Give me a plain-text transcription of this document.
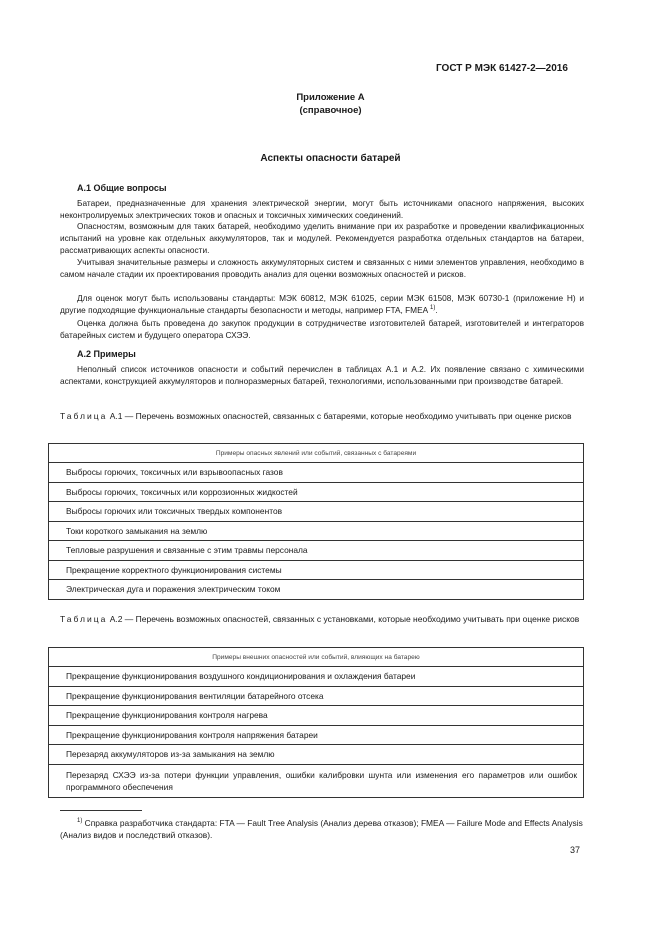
ГОСТ Р МЭК 61427-2—2016
Приложение А
(справочное)
Аспекты опасности батарей
А.1 Общие вопросы

Батареи, предназначенные для хранения электрической энергии, могут быть источниками опасного напряжения, высоких неконтролируемых электрических токов и опасных и токсичных химических соединений.

Опасностям, возможным для таких батарей, необходимо уделить внимание при их разработке и проведении квалификационных испытаний на уровне как отдельных аккумуляторов, так и модулей. Рекомендуется разработка отдельных стандартов на батареи, рассматривающих аспекты опасности.

Учитывая значительные размеры и сложность аккумуляторных систем и связанных с ними элементов управления, необходимо в самом начале стадии их проектирования проводить анализ для оценки возможных опасностей и рисков.

Для оценок могут быть использованы стандарты: МЭК 60812, МЭК 61025, серии МЭК 61508, МЭК 60730-1 (приложение Н) и другие подходящие функциональные стандарты безопасности и методы, например FTA, FMEA $^{1)}$.

Оценка должна быть проведена до закупок продукции в сотрудничестве изготовителей батарей, изготовителей и интеграторов батарейных систем и будущего оператора СХЭЭ.

А.2 Примеры

Неполный список источников опасности и событий перечислен в таблицах А.1 и А.2. Их появление связано с химическими аспектами, конструкцией аккумуляторов и полноразмерных батарей, технологиями, использованными при производстве батарей.

Таблица А.1 — Перечень возможных опасностей, связанных с батареями, которые необходимо учитывать при оценке рисков

Примеры опасных явлений или событий, связанных с батареями
Выбросы горючих, токсичных или взрывоопасных газов
Выбросы горючих, токсичных или коррозионных жидкостей
Выбросы горючих или токсичных твердых компонентов
Токи короткого замыкания на землю
Тепловые разрушения и связанные с этим травмы персонала
Прекращение корректного функционирования системы
Электрическая дуга и поражения электрическим током

Таблица А.2 — Перечень возможных опасностей, связанных с установками, которые необходимо учитывать при оценке рисков

Примеры внешних опасностей или событий, влияющих на батарею
Прекращение функционирования воздушного кондиционирования и охлаждения батареи
Прекращение функционирования вентиляции батарейного отсека
Прекращение функционирования контроля нагрева
Прекращение функционирования контроля напряжения батареи
Перезаряд аккумуляторов из-за замыкания на землю
Перезаряд СХЭЭ из-за потери функции управления, ошибки калибровки шунта или изменения его параметров или ошибок программного обеспечения

$^{1)}$ Справка разработчика стандарта: FTA — Fault Tree Analysis (Анализ дерева отказов); FMEA — Failure Mode and Effects Analysis (Анализ видов и последствий отказов).

37
